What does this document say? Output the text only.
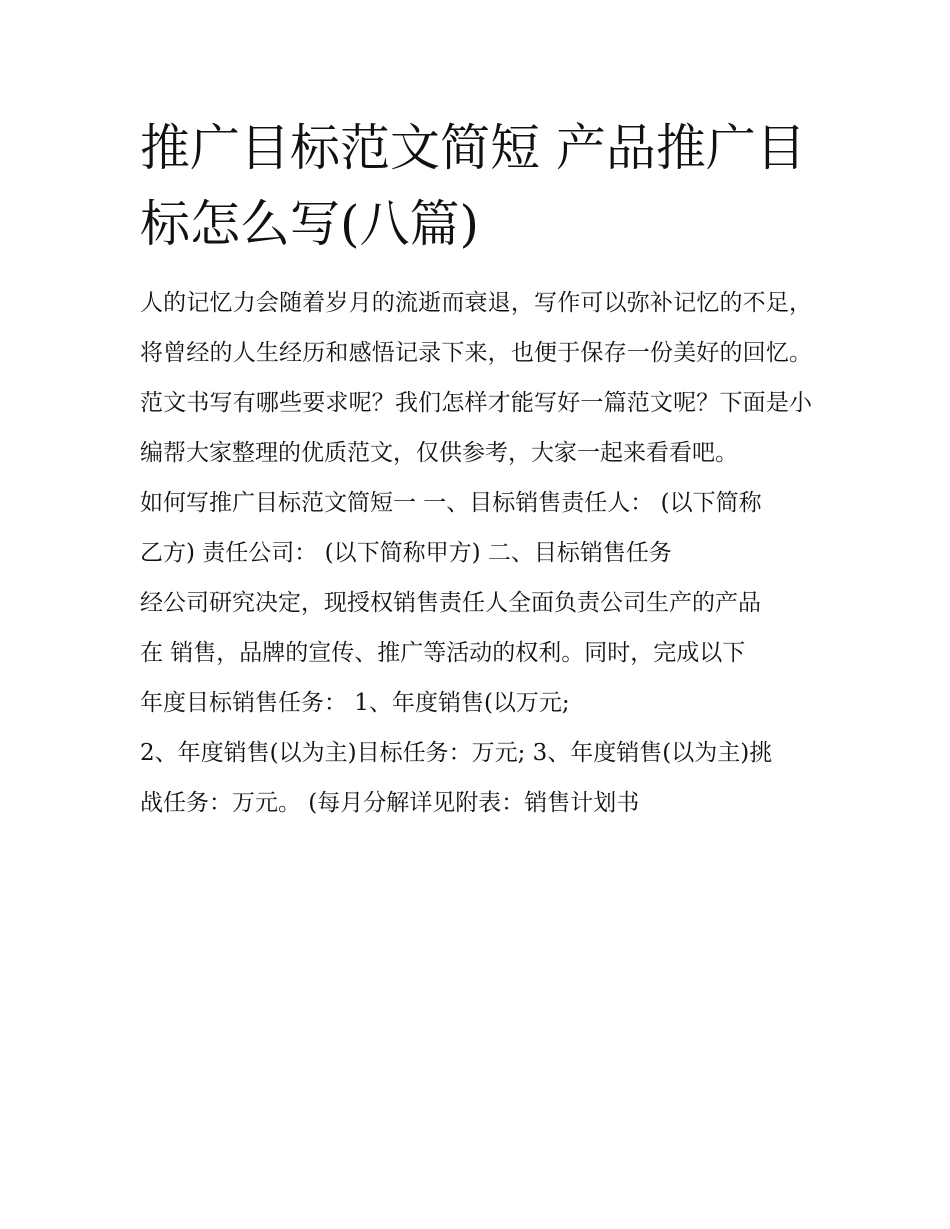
推广目标范文简短 产品推广目
标怎么写(八篇)

人的记忆力会随着岁月的流逝而衰退，写作可以弥补记忆的不足，将曾经的人生经历和感悟记录下来，也便于保存一份美好的回忆。范文书写有哪些要求呢？我们怎样才能写好一篇范文呢？下面是小编帮大家整理的优质范文，仅供参考，大家一起来看看吧。

如何写推广目标范文简短一 一、目标销售责任人： (以下简称
乙方) 责任公司： (以下简称甲方) 二、目标销售任务
经公司研究决定，现授权销售责任人全面负责公司生产的产品
在 销售，品牌的宣传、推广等活动的权利。同时，完成以下
年度目标销售任务： 1、年度销售(以万元;
2、年度销售(以为主)目标任务：万元; 3、年度销售(以为主)挑
战任务：万元。 (每月分解详见附表：销售计划书
